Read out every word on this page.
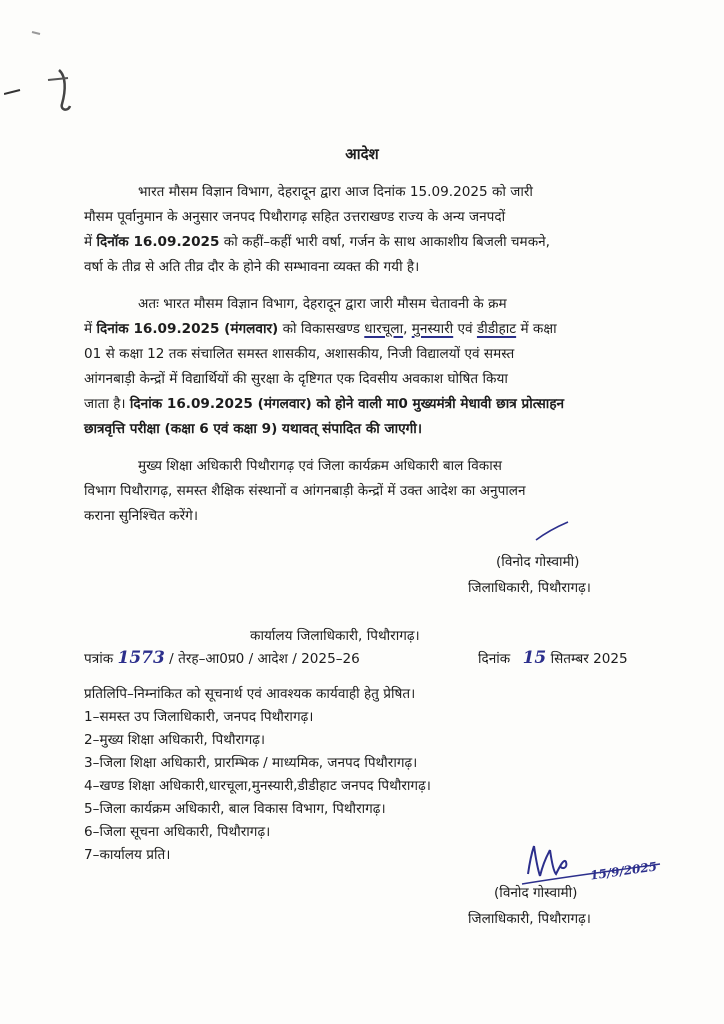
आदेश
भारत मौसम विज्ञान विभाग, देहरादून द्वारा आज दिनांक 15.09.2025 को जारी
मौसम पूर्वानुमान के अनुसार जनपद पिथौरागढ़ सहित उत्तराखण्ड राज्य के अन्य जनपदों
में दिनॉक 16.09.2025 को कहीं–कहीं भारी वर्षा, गर्जन के साथ आकाशीय बिजली चमकने,
वर्षा के तीव्र से अति तीव्र दौर के होने की सम्भावना व्यक्त की गयी है।
अतः भारत मौसम विज्ञान विभाग, देहरादून द्वारा जारी मौसम चेतावनी के क्रम
में दिनांक 16.09.2025 (मंगलवार) को विकासखण्ड धारचूला, मुनस्यारी एवं डीडीहाट में कक्षा
01 से कक्षा 12 तक संचालित समस्त शासकीय, अशासकीय, निजी विद्यालयों एवं समस्त
आंगनबाड़ी केन्द्रों में विद्यार्थियों की सुरक्षा के दृष्टिगत एक दिवसीय अवकाश घोषित किया
जाता है। दिनांक 16.09.2025 (मंगलवार) को होने वाली मा0 मुख्यमंत्री मेधावी छात्र प्रोत्साहन
छात्रवृत्ति परीक्षा (कक्षा 6 एवं कक्षा 9) यथावत् संपादित की जाएगी।
मुख्य शिक्षा अधिकारी पिथौरागढ़ एवं जिला कार्यक्रम अधिकारी बाल विकास
विभाग पिथौरागढ़, समस्त शैक्षिक संस्थानों व आंगनबाड़ी केन्द्रों में उक्त आदेश का अनुपालन
कराना सुनिश्चित करेंगे।
(विनोद गोस्वामी)
जिलाधिकारी, पिथौरागढ़।
कार्यालय जिलाधिकारी, पिथौरागढ़।
पत्रांक 1573 / तेरह–आ0प्र0 / आदेश / 2025–26	दिनांक 15 सितम्बर 2025
प्रतिलिपि–निम्नांकित को सूचनार्थ एवं आवश्यक कार्यवाही हेतु प्रेषित।
1–समस्त उप जिलाधिकारी, जनपद पिथौरागढ़।
2–मुख्य शिक्षा अधिकारी, पिथौरागढ़।
3–जिला शिक्षा अधिकारी, प्रारम्भिक / माध्यमिक, जनपद पिथौरागढ़।
4–खण्ड शिक्षा अधिकारी,धारचूला,मुनस्यारी,डीडीहाट जनपद पिथौरागढ़।
5–जिला कार्यक्रम अधिकारी, बाल विकास विभाग, पिथौरागढ़।
6–जिला सूचना अधिकारी, पिथौरागढ़।
7–कार्यालय प्रति।
15/9/2025
(विनोद गोस्वामी)
जिलाधिकारी, पिथौरागढ़।
